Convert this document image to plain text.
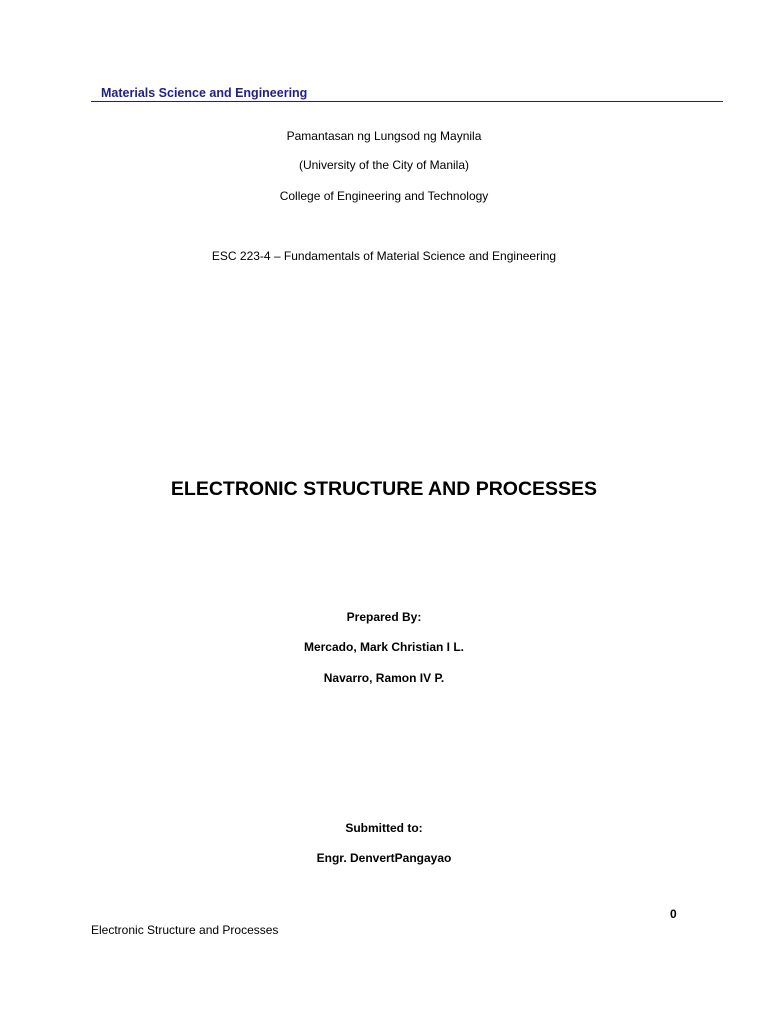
Materials Science and Engineering
Pamantasan ng Lungsod ng Maynila
(University of the City of Manila)
College of Engineering and Technology
ESC 223-4 – Fundamentals of Material Science and Engineering
ELECTRONIC STRUCTURE AND PROCESSES
Prepared By:
Mercado, Mark Christian I L.
Navarro, Ramon IV P.
Submitted to:
Engr. DenvertPangayao
0
Electronic Structure and Processes
